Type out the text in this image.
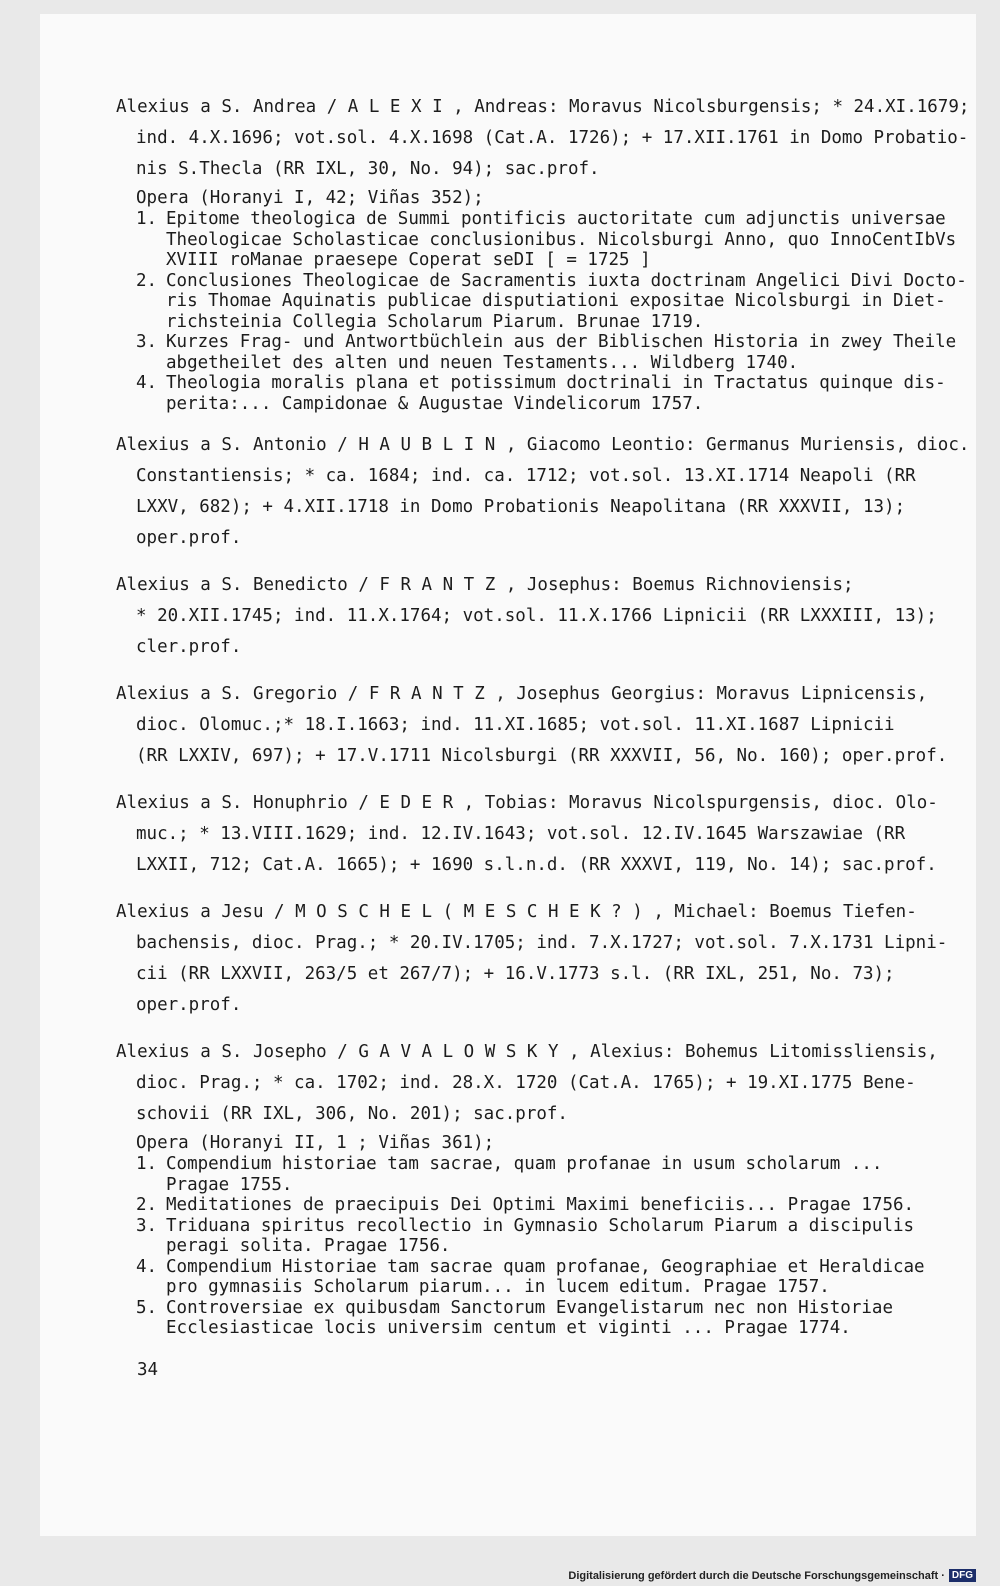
Alexius a S. Andrea / A L E X I , Andreas: Moravus Nicolsburgensis; * 24.XI.1679;
ind. 4.X.1696; vot.sol. 4.X.1698 (Cat.A. 1726); + 17.XII.1761 in Domo Probatio-
nis S.Thecla (RR IXL, 30, No. 94); sac.prof.
Opera (Horanyi I, 42; Viñas 352);
1. Epitome theologica de Summi pontificis auctoritate cum adjunctis universae
Theologicae Scholasticae conclusionibus. Nicolsburgi Anno, quo InnoCentIbVs
XVIII roManae praesepe Coperat seDI [ = 1725 ]
2. Conclusiones Theologicae de Sacramentis iuxta doctrinam Angelici Divi Docto-
ris Thomae Aquinatis publicae disputiationi expositae Nicolsburgi in Diet-
richsteinia Collegia Scholarum Piarum. Brunae 1719.
3. Kurzes Frag- und Antwortbüchlein aus der Biblischen Historia in zwey Theile
abgetheilet des alten und neuen Testaments... Wildberg 1740.
4. Theologia moralis plana et potissimum doctrinali in Tractatus quinque dis-
perita:... Campidonae & Augustae Vindelicorum 1757.
Alexius a S. Antonio / H A U B L I N , Giacomo Leontio: Germanus Muriensis, dioc.
Constantiensis; * ca. 1684; ind. ca. 1712; vot.sol. 13.XI.1714 Neapoli (RR
LXXV, 682); + 4.XII.1718 in Domo Probationis Neapolitana (RR XXXVII, 13);
oper.prof.
Alexius a S. Benedicto / F R A N T Z , Josephus: Boemus Richnoviensis;
* 20.XII.1745; ind. 11.X.1764; vot.sol. 11.X.1766 Lipnicii (RR LXXXIII, 13);
cler.prof.
Alexius a S. Gregorio / F R A N T Z , Josephus Georgius: Moravus Lipnicensis,
dioc. Olomuc.;* 18.I.1663; ind. 11.XI.1685; vot.sol. 11.XI.1687 Lipnicii
(RR LXXIV, 697); + 17.V.1711 Nicolsburgi (RR XXXVII, 56, No. 160); oper.prof.
Alexius a S. Honuphrio / E D E R , Tobias: Moravus Nicolspurgensis, dioc. Olo-
muc.; * 13.VIII.1629; ind. 12.IV.1643; vot.sol. 12.IV.1645 Warszawiae (RR
LXXII, 712; Cat.A. 1665); + 1690 s.l.n.d. (RR XXXVI, 119, No. 14); sac.prof.
Alexius a Jesu / M O S C H E L ( M E S C H E K ? ) , Michael: Boemus Tiefen-
bachensis, dioc. Prag.; * 20.IV.1705; ind. 7.X.1727; vot.sol. 7.X.1731 Lipni-
cii (RR LXXVII, 263/5 et 267/7); + 16.V.1773 s.l. (RR IXL, 251, No. 73);
oper.prof.
Alexius a S. Josepho / G A V A L O W S K Y , Alexius: Bohemus Litomissliensis,
dioc. Prag.; * ca. 1702; ind. 28.X. 1720 (Cat.A. 1765); + 19.XI.1775 Bene-
schovii (RR IXL, 306, No. 201); sac.prof.
Opera (Horanyi II, 1 ; Viñas 361);
1. Compendium historiae tam sacrae, quam profanae in usum scholarum ...
Pragae 1755.
2. Meditationes de praecipuis Dei Optimi Maximi beneficiis... Pragae 1756.
3. Triduana spiritus recollectio in Gymnasio Scholarum Piarum a discipulis
peragi solita. Pragae 1756.
4. Compendium Historiae tam sacrae quam profanae, Geographiae et Heraldicae
pro gymnasiis Scholarum piarum... in lucem editum. Pragae 1757.
5. Controversiae ex quibusdam Sanctorum Evangelistarum nec non Historiae
Ecclesiasticae locis universim centum et viginti ... Pragae 1774.
34
Digitalisierung gefördert durch die Deutsche Forschungsgemeinschaft · DFG
